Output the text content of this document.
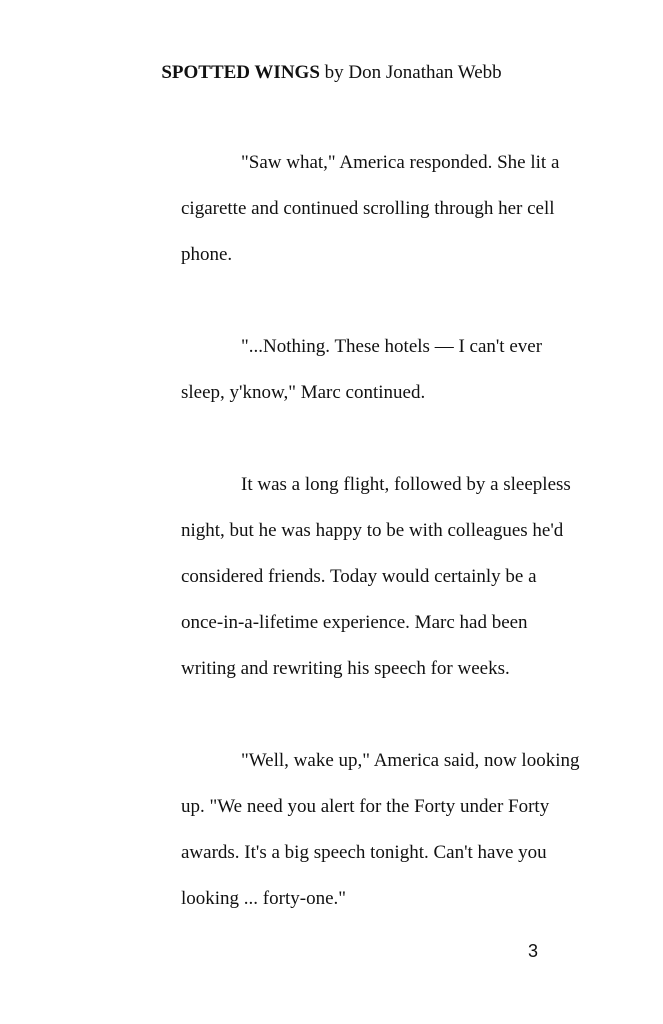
SPOTTED WINGS by Don Jonathan Webb
"Saw what," America responded. She lit a
cigarette and continued scrolling through her cell
phone.
"...Nothing. These hotels — I can't ever
sleep, y'know," Marc continued.
It was a long flight, followed by a sleepless
night, but he was happy to be with colleagues he'd
considered friends. Today would certainly be a
once-in-a-lifetime experience. Marc had been
writing and rewriting his speech for weeks.
"Well, wake up," America said, now looking
up. "We need you alert for the Forty under Forty
awards. It's a big speech tonight. Can't have you
looking ... forty-one."
3
